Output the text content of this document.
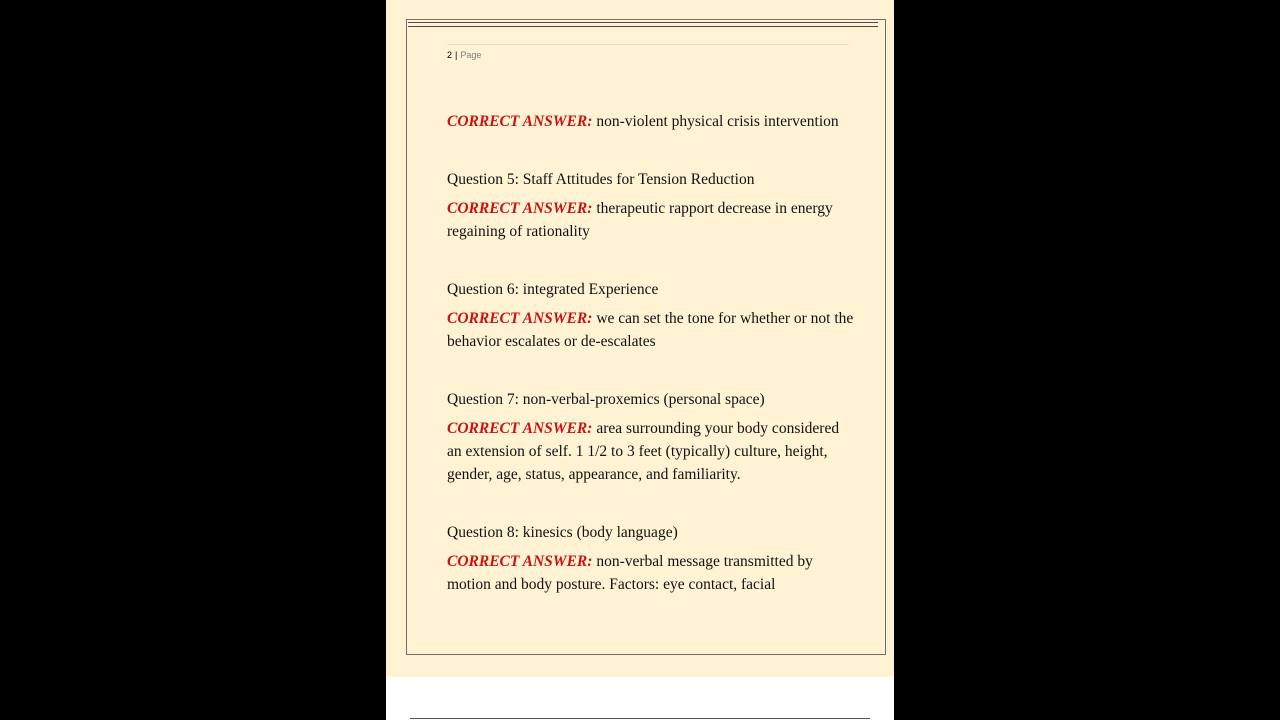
2 | Page

CORRECT ANSWER: non-violent physical crisis intervention

Question 5: Staff Attitudes for Tension Reduction

CORRECT ANSWER: therapeutic rapport decrease in energy regaining of rationality

Question 6: integrated Experience

CORRECT ANSWER: we can set the tone for whether or not the behavior escalates or de-escalates

Question 7: non-verbal-proxemics (personal space)

CORRECT ANSWER: area surrounding your body considered an extension of self. 1 1/2 to 3 feet (typically) culture, height, gender, age, status, appearance, and familiarity.

Question 8: kinesics (body language)

CORRECT ANSWER: non-verbal message transmitted by motion and body posture. Factors: eye contact, facial
